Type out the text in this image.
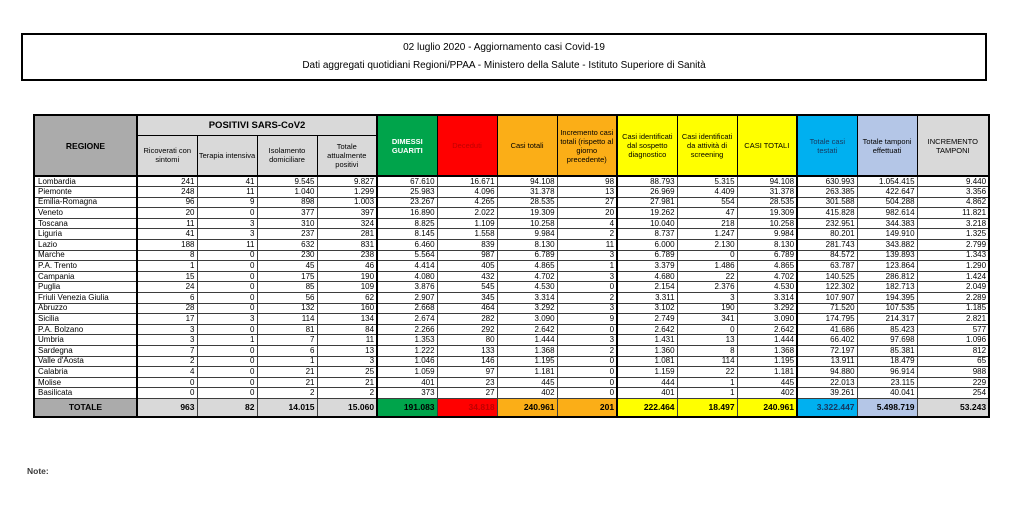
02 luglio 2020 - Aggiornamento casi Covid-19
Dati aggregati quotidiani Regioni/PPAA - Ministero della Salute - Istituto Superiore di Sanità
REGIONE	POSITIVI SARS-CoV2				DIMESSI GUARITI	Deceduti	Casi totali	Incremento casi totali (rispetto al giorno precedente)	Casi identificati dal sospetto diagnostico	Casi identificati da attività di screening	CASI TOTALI	Totale casi testati	Totale tamponi effettuati	INCREMENTO TAMPONI
	Ricoverati con sintomi	Terapia intensiva	Isolamento domiciliare	Totale attualmente positivi										
Lombardia	241	41	9.545	9.827	67.610	16.671	94.108	98	88.793	5.315	94.108	630.993	1.054.415	9.440
Piemonte	248	11	1.040	1.299	25.983	4.096	31.378	13	26.969	4.409	31.378	263.385	422.647	3.356
Emilia-Romagna	96	9	898	1.003	23.267	4.265	28.535	27	27.981	554	28.535	301.588	504.288	4.862
Veneto	20	0	377	397	16.890	2.022	19.309	20	19.262	47	19.309	415.828	982.614	11.821
Toscana	11	3	310	324	8.825	1.109	10.258	4	10.040	218	10.258	232.951	344.383	3.218
Liguria	41	3	237	281	8.145	1.558	9.984	2	8.737	1.247	9.984	80.201	149.910	1.325
Lazio	188	11	632	831	6.460	839	8.130	11	6.000	2.130	8.130	281.743	343.882	2.799
Marche	8	0	230	238	5.564	987	6.789	3	6.789	0	6.789	84.572	139.893	1.343
P.A. Trento	1	0	45	46	4.414	405	4.865	1	3.379	1.486	4.865	63.787	123.864	1.290
Campania	15	0	175	190	4.080	432	4.702	3	4.680	22	4.702	140.525	286.812	1.424
Puglia	24	0	85	109	3.876	545	4.530	0	2.154	2.376	4.530	122.302	182.713	2.049
Friuli Venezia Giulia	6	0	56	62	2.907	345	3.314	2	3.311	3	3.314	107.907	194.395	2.289
Abruzzo	28	0	132	160	2.668	464	3.292	3	3.102	190	3.292	71.520	107.535	1.185
Sicilia	17	3	114	134	2.674	282	3.090	9	2.749	341	3.090	174.795	214.317	2.821
P.A. Bolzano	3	0	81	84	2.266	292	2.642	0	2.642	0	2.642	41.686	85.423	577
Umbria	3	1	7	11	1.353	80	1.444	3	1.431	13	1.444	66.402	97.698	1.096
Sardegna	7	0	6	13	1.222	133	1.368	2	1.360	8	1.368	72.197	85.381	812
Valle d'Aosta	2	0	1	3	1.046	146	1.195	0	1.081	114	1.195	13.911	18.479	65
Calabria	4	0	21	25	1.059	97	1.181	0	1.159	22	1.181	94.880	96.914	988
Molise	0	0	21	21	401	23	445	0	444	1	445	22.013	23.115	229
Basilicata	0	0	2	2	373	27	402	0	401	1	402	39.261	40.041	254
TOTALE	963	82	14.015	15.060	191.083	34.818	240.961	201	222.464	18.497	240.961	3.322.447	5.498.719	53.243
Note:
